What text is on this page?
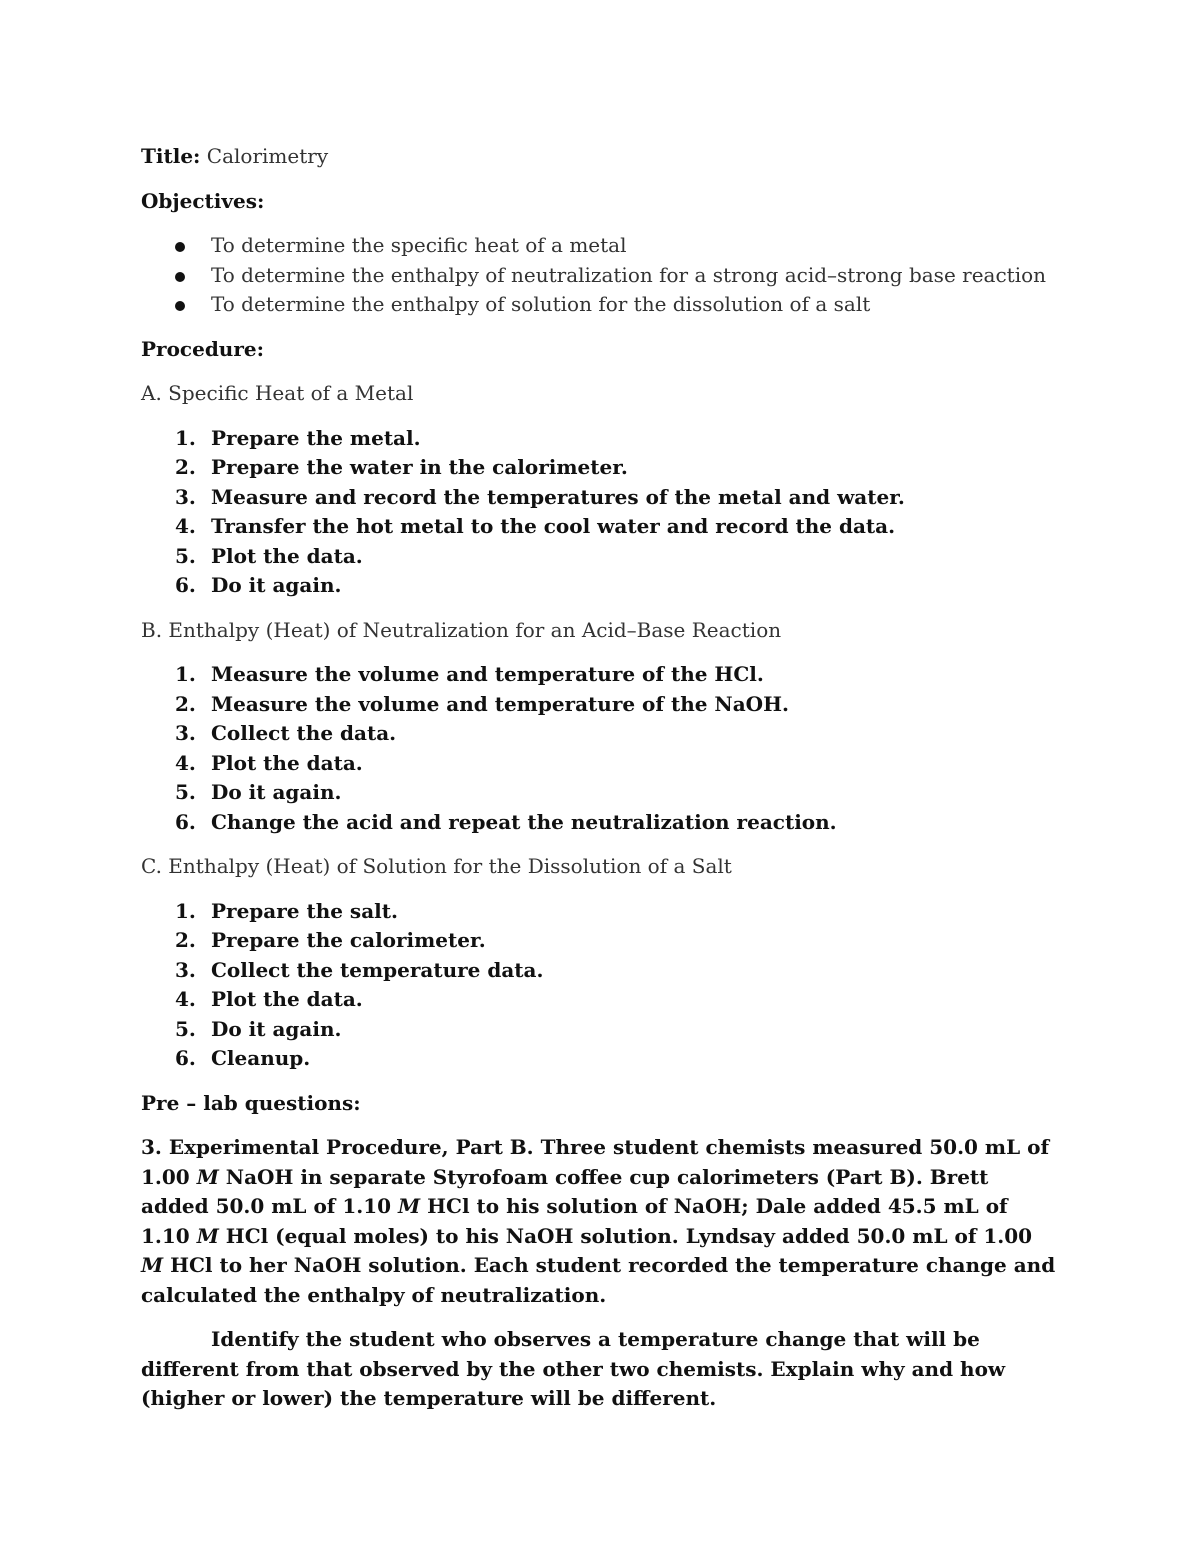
Title: Calorimetry

Objectives:

To determine the specific heat of a metal
To determine the enthalpy of neutralization for a strong acid–strong base reaction
To determine the enthalpy of solution for the dissolution of a salt

Procedure:

A. Specific Heat of a Metal

1. Prepare the metal.
2. Prepare the water in the calorimeter.
3. Measure and record the temperatures of the metal and water.
4. Transfer the hot metal to the cool water and record the data.
5. Plot the data.
6. Do it again.

B. Enthalpy (Heat) of Neutralization for an Acid–Base Reaction

1. Measure the volume and temperature of the HCl.
2. Measure the volume and temperature of the NaOH.
3. Collect the data.
4. Plot the data.
5. Do it again.
6. Change the acid and repeat the neutralization reaction.

C. Enthalpy (Heat) of Solution for the Dissolution of a Salt

1. Prepare the salt.
2. Prepare the calorimeter.
3. Collect the temperature data.
4. Plot the data.
5. Do it again.
6. Cleanup.

Pre – lab questions:

3. Experimental Procedure, Part B. Three student chemists measured 50.0 mL of 1.00 M NaOH in separate Styrofoam coffee cup calorimeters (Part B). Brett added 50.0 mL of 1.10 M HCl to his solution of NaOH; Dale added 45.5 mL of 1.10 M HCl (equal moles) to his NaOH solution. Lyndsay added 50.0 mL of 1.00 M HCl to her NaOH solution. Each student recorded the temperature change and calculated the enthalpy of neutralization.

Identify the student who observes a temperature change that will be different from that observed by the other two chemists. Explain why and how (higher or lower) the temperature will be different.
